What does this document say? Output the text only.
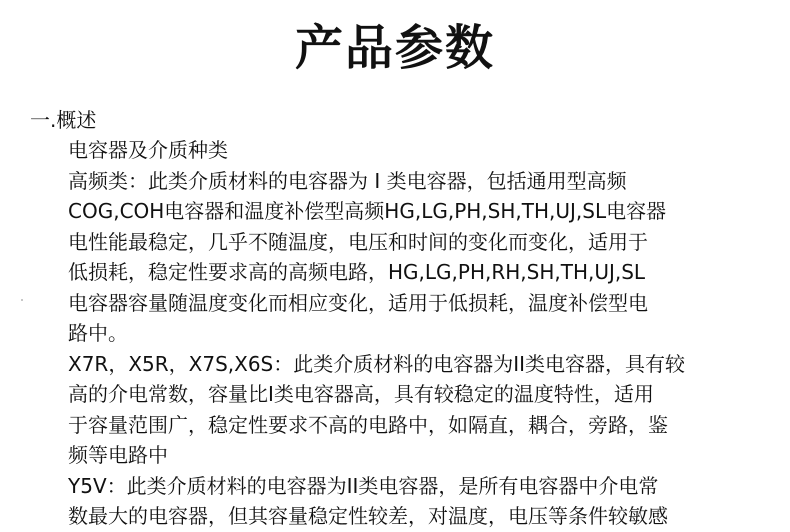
产品参数
一.概述
电容器及介质种类
高频类：此类介质材料的电容器为 I 类电容器，包括通用型高频
COG,COH电容器和温度补偿型高频HG,LG,PH,SH,TH,UJ,SL电容器
电性能最稳定，几乎不随温度，电压和时间的变化而变化，适用于
低损耗，稳定性要求高的高频电路，HG,LG,PH,RH,SH,TH,UJ,SL
电容器容量随温度变化而相应变化，适用于低损耗，温度补偿型电
路中。
X7R，X5R，X7S,X6S：此类介质材料的电容器为II类电容器，具有较
高的介电常数，容量比I类电容器高，具有较稳定的温度特性，适用
于容量范围广，稳定性要求不高的电路中，如隔直，耦合，旁路，鉴
频等电路中
Y5V：此类介质材料的电容器为II类电容器，是所有电容器中介电常
数最大的电容器，但其容量稳定性较差，对温度，电压等条件较敏感
